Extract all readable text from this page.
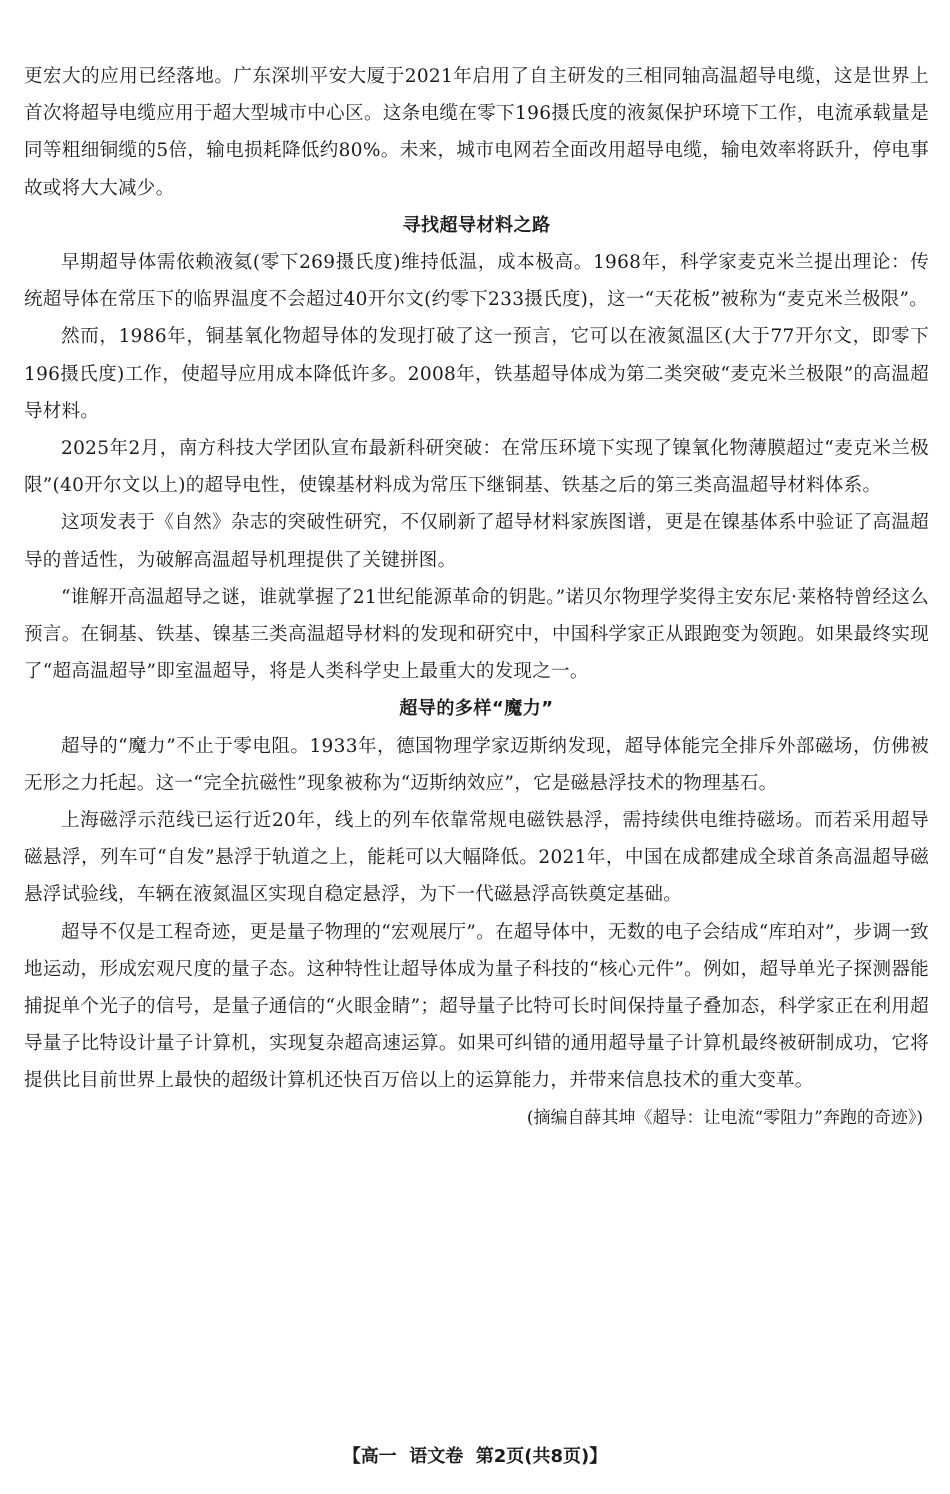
更宏大的应用已经落地。广东深圳平安大厦于2021年启用了自主研发的三相同轴高温超导电缆，这是世界上首次将超导电缆应用于超大型城市中心区。这条电缆在零下196摄氏度的液氮保护环境下工作，电流承载量是同等粗细铜缆的5倍，输电损耗降低约80%。未来，城市电网若全面改用超导电缆，输电效率将跃升，停电事故或将大大减少。

寻找超导材料之路

早期超导体需依赖液氦(零下269摄氏度)维持低温，成本极高。1968年，科学家麦克米兰提出理论：传统超导体在常压下的临界温度不会超过40开尔文(约零下233摄氏度)，这一“天花板”被称为“麦克米兰极限”。

然而，1986年，铜基氧化物超导体的发现打破了这一预言，它可以在液氮温区(大于77开尔文，即零下196摄氏度)工作，使超导应用成本降低许多。2008年，铁基超导体成为第二类突破“麦克米兰极限”的高温超导材料。

2025年2月，南方科技大学团队宣布最新科研突破：在常压环境下实现了镍氧化物薄膜超过“麦克米兰极限”(40开尔文以上)的超导电性，使镍基材料成为常压下继铜基、铁基之后的第三类高温超导材料体系。

这项发表于《自然》杂志的突破性研究，不仅刷新了超导材料家族图谱，更是在镍基体系中验证了高温超导的普适性，为破解高温超导机理提供了关键拼图。

“谁解开高温超导之谜，谁就掌握了21世纪能源革命的钥匙。”诺贝尔物理学奖得主安东尼·莱格特曾经这么预言。在铜基、铁基、镍基三类高温超导材料的发现和研究中，中国科学家正从跟跑变为领跑。如果最终实现了“超高温超导”即室温超导，将是人类科学史上最重大的发现之一。

超导的多样“魔力”

超导的“魔力”不止于零电阻。1933年，德国物理学家迈斯纳发现，超导体能完全排斥外部磁场，仿佛被无形之力托起。这一“完全抗磁性”现象被称为“迈斯纳效应”，它是磁悬浮技术的物理基石。

上海磁浮示范线已运行近20年，线上的列车依靠常规电磁铁悬浮，需持续供电维持磁场。而若采用超导磁悬浮，列车可“自发”悬浮于轨道之上，能耗可以大幅降低。2021年，中国在成都建成全球首条高温超导磁悬浮试验线，车辆在液氮温区实现自稳定悬浮，为下一代磁悬浮高铁奠定基础。

超导不仅是工程奇迹，更是量子物理的“宏观展厅”。在超导体中，无数的电子会结成“库珀对”，步调一致地运动，形成宏观尺度的量子态。这种特性让超导体成为量子科技的“核心元件”。例如，超导单光子探测器能捕捉单个光子的信号，是量子通信的“火眼金睛”；超导量子比特可长时间保持量子叠加态，科学家正在利用超导量子比特设计量子计算机，实现复杂超高速运算。如果可纠错的通用超导量子计算机最终被研制成功，它将提供比目前世界上最快的超级计算机还快百万倍以上的运算能力，并带来信息技术的重大变革。

(摘编自薛其坤《超导：让电流“零阻力”奔跑的奇迹》)

【高一 语文卷 第2页(共8页)】
